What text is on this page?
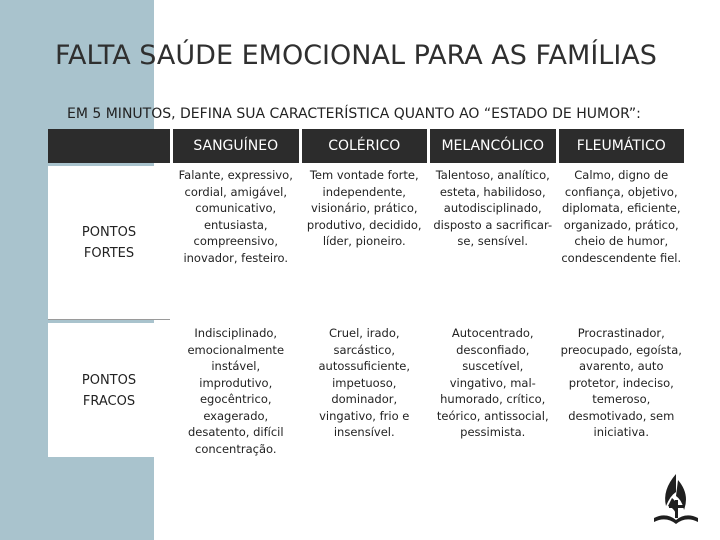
FALTA SAÚDE EMOCIONAL PARA AS FAMÍLIAS
EM 5 MINUTOS, DEFINA SUA CARACTERÍSTICA QUANTO AO “ESTADO DE HUMOR”:
	SANGUÍNEO	COLÉRICO	MELANCÓLICO	FLEUMÁTICO
PONTOS
FORTES	Falante, expressivo, cordial, amigável, comunicativo, entusiasta, compreensivo, inovador, festeiro.	Tem vontade forte, independente, visionário, prático, produtivo, decidido, líder, pioneiro.	Talentoso, analítico, esteta, habilidoso, autodisciplinado, disposto a sacrificar-se, sensível.	Calmo, digno de confiança, objetivo, diplomata, eficiente, organizado, prático, cheio de humor, condescendente fiel.
PONTOS
FRACOS	Indisciplinado, emocionalmente instável, improdutivo, egocêntrico, exagerado, desatento, difícil concentração.	Cruel, irado, sarcástico, autossuficiente, impetuoso, dominador, vingativo, frio e insensível.	Autocentrado, desconfiado, suscetível, vingativo, mal-humorado, crítico, teórico, antissocial, pessimista.	Procrastinador, preocupado, egoísta, avarento, auto protetor, indeciso, temeroso, desmotivado, sem iniciativa.
